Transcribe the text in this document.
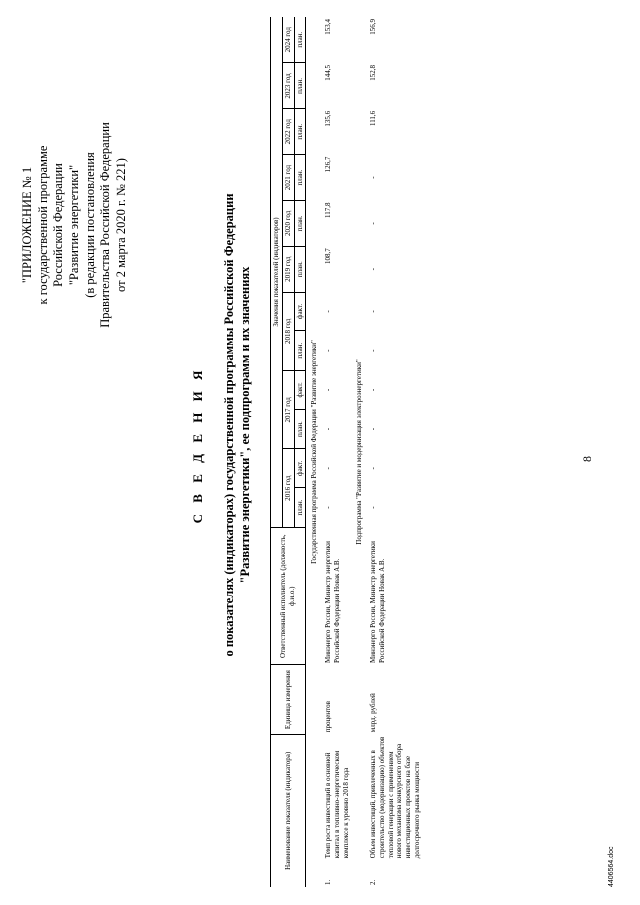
4406564.doc
8
"ПРИЛОЖЕНИЕ № 1 к государственной программе Российской Федерации "Развитие энергетики" (в редакции постановления Правительства Российской Федерации от 2 марта 2020 г. № 221)
С В Е Д Е Н И Я о показателях (индикаторах) государственной программы Российской Федерации "Развитие энергетики", ее подпрограмм и их значениях
Наименование показателя (индикатора)		Единица измерения	Ответственный исполнитель (должность, ф.и.о.)	Значения показателей (индикаторов)											
				2016 год		2017 год		2018 год		2019 год	2020 год	2021 год	2022 год	2023 год	2024 год
				план.	факт.	план.	факт.	план.	факт.	план.	план.	план.	план.	план.	план.
Государственная программа Российской Федерации "Развитие энергетики"															
1.	Темп роста инвестиций в основной капитал в топливно-энергетическом комплексе к уровню 2018 года	процентов	Минэнерго России, Министр энергетики Российской Федерации Новак А.В.	-	-	-	-	-	-	108,7	117,8	126,7	135,6	144,5	153,4
Подпрограмма "Развитие и модернизация электроэнергетики"															
2.	Объем инвестиций, привлеченных в строительство (модернизацию) объектов тепловой генерации с применением нового механизма конкурсного отбора инвестиционных проектов на базе долгосрочного рынка мощности	млрд. рублей	Минэнерго России, Министр энергетики Российской Федерации Новак А.В.	-	-	-	-	-	-	-	-	-	111,6	152,8	156,9
